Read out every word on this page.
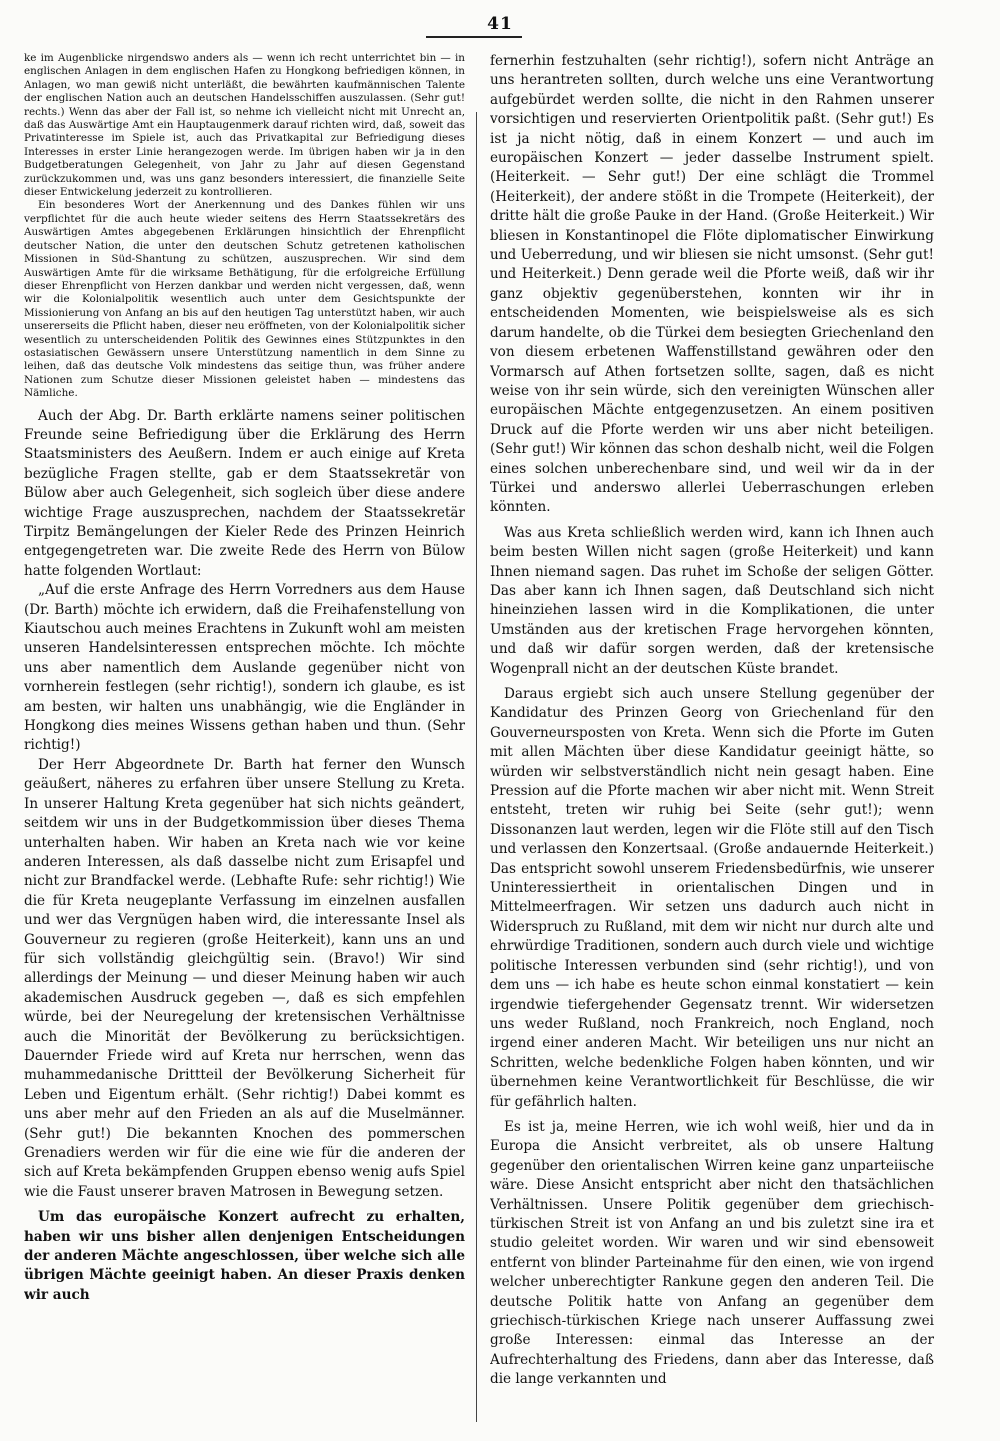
41

ke im Augenblicke nirgendswo anders als — wenn ich recht unterrichtet bin — in englischen Anlagen in dem englischen Hafen zu Hongkong befriedigen können, in Anlagen, wo man gewiß nicht unterläßt, die bewährten kaufmännischen Talente der englischen Nation auch an deutschen Handelsschiffen auszulassen. (Sehr gut! rechts.) Wenn das aber der Fall ist, so nehme ich vielleicht nicht mit Unrecht an, daß das Auswärtige Amt ein Hauptaugenmerk darauf richten wird, daß, soweit das Privatinteresse im Spiele ist, auch das Privatkapital zur Befriedigung dieses Interesses in erster Linie herangezogen werde. Im übrigen haben wir ja in den Budgetberatungen Gelegenheit, von Jahr zu Jahr auf diesen Gegenstand zurückzukommen und, was uns ganz besonders interessiert, die finanzielle Seite dieser Entwickelung jederzeit zu kontrollieren.

Ein besonderes Wort der Anerkennung und des Dankes fühlen wir uns verpflichtet für die auch heute wieder seitens des Herrn Staatssekretärs des Auswärtigen Amtes abgegebenen Erklärungen hinsichtlich der Ehrenpflicht deutscher Nation, die unter den deutschen Schutz getretenen katholischen Missionen in Süd-Shantung zu schützen, auszusprechen. Wir sind dem Auswärtigen Amte für die wirksame Bethätigung, für die erfolgreiche Erfüllung dieser Ehrenpflicht von Herzen dankbar und werden nicht vergessen, daß, wenn wir die Kolonialpolitik wesentlich auch unter dem Gesichtspunkte der Missionierung von Anfang an bis auf den heutigen Tag unterstützt haben, wir auch unsererseits die Pflicht haben, dieser neu eröffneten, von der Kolonialpolitik sicher wesentlich zu unterscheidenden Politik des Gewinnes eines Stützpunktes in den ostasiatischen Gewässern unsere Unterstützung namentlich in dem Sinne zu leihen, daß das deutsche Volk mindestens das seitige thun, was früher andere Nationen zum Schutze dieser Missionen geleistet haben — mindestens das Nämliche.

Auch der Abg. Dr. Barth erklärte namens seiner politischen Freunde seine Befriedigung über die Erklärung des Herrn Staatsministers des Aeußern. Indem er auch einige auf Kreta bezügliche Fragen stellte, gab er dem Staatssekretär von Bülow aber auch Gelegenheit, sich sogleich über diese andere wichtige Frage auszusprechen, nachdem der Staatssekretär Tirpitz Bemängelungen der Kieler Rede des Prinzen Heinrich entgegengetreten war. Die zweite Rede des Herrn von Bülow hatte folgenden Wortlaut:

„Auf die erste Anfrage des Herrn Vorredners aus dem Hause (Dr. Barth) möchte ich erwidern, daß die Freihafenstellung von Kiautschou auch meines Erachtens in Zukunft wohl am meisten unseren Handelsinteressen entsprechen möchte. Ich möchte uns aber namentlich dem Auslande gegenüber nicht von vornherein festlegen (sehr richtig!), sondern ich glaube, es ist am besten, wir halten uns unabhängig, wie die Engländer in Hongkong dies meines Wissens gethan haben und thun. (Sehr richtig!)

Der Herr Abgeordnete Dr. Barth hat ferner den Wunsch geäußert, näheres zu erfahren über unsere Stellung zu Kreta. In unserer Haltung Kreta gegenüber hat sich nichts geändert, seitdem wir uns in der Budgetkommission über dieses Thema unterhalten haben. Wir haben an Kreta nach wie vor keine anderen Interessen, als daß dasselbe nicht zum Erisapfel und nicht zur Brandfackel werde. (Lebhafte Rufe: sehr richtig!) Wie die für Kreta neugeplante Verfassung im einzelnen ausfallen und wer das Vergnügen haben wird, die interessante Insel als Gouverneur zu regieren (große Heiterkeit), kann uns an und für sich vollständig gleichgültig sein. (Bravo!) Wir sind allerdings der Meinung — und dieser Meinung haben wir auch akademischen Ausdruck gegeben —, daß es sich empfehlen würde, bei der Neuregelung der kretensischen Verhältnisse auch die Minorität der Bevölkerung zu berücksichtigen. Dauernder Friede wird auf Kreta nur herrschen, wenn das muhammedanische Drittteil der Bevölkerung Sicherheit für Leben und Eigentum erhält. (Sehr richtig!) Dabei kommt es uns aber mehr auf den Frieden an als auf die Muselmänner. (Sehr gut!) Die bekannten Knochen des pommerschen Grenadiers werden wir für die eine wie für die anderen der sich auf Kreta bekämpfenden Gruppen ebenso wenig aufs Spiel wie die Faust unserer braven Matrosen in Bewegung setzen.

Um das europäische Konzert aufrecht zu erhalten, haben wir uns bisher allen denjenigen Entscheidungen der anderen Mächte angeschlossen, über welche sich alle übrigen Mächte geeinigt haben. An dieser Praxis denken wir auch

fernerhin festzuhalten (sehr richtig!), sofern nicht Anträge an uns herantreten sollten, durch welche uns eine Verantwortung aufgebürdet werden sollte, die nicht in den Rahmen unserer vorsichtigen und reservierten Orientpolitik paßt. (Sehr gut!) Es ist ja nicht nötig, daß in einem Konzert — und auch im europäischen Konzert — jeder dasselbe Instrument spielt. (Heiterkeit. — Sehr gut!) Der eine schlägt die Trommel (Heiterkeit), der andere stößt in die Trompete (Heiterkeit), der dritte hält die große Pauke in der Hand. (Große Heiterkeit.) Wir bliesen in Konstantinopel die Flöte diplomatischer Einwirkung und Ueberredung, und wir bliesen sie nicht umsonst. (Sehr gut! und Heiterkeit.) Denn gerade weil die Pforte weiß, daß wir ihr ganz objektiv gegenüberstehen, konnten wir ihr in entscheidenden Momenten, wie beispielsweise als es sich darum handelte, ob die Türkei dem besiegten Griechenland den von diesem erbetenen Waffenstillstand gewähren oder den Vormarsch auf Athen fortsetzen sollte, sagen, daß es nicht weise von ihr sein würde, sich den vereinigten Wünschen aller europäischen Mächte entgegenzusetzen. An einem positiven Druck auf die Pforte werden wir uns aber nicht beteiligen. (Sehr gut!) Wir können das schon deshalb nicht, weil die Folgen eines solchen unberechenbare sind, und weil wir da in der Türkei und anderswo allerlei Ueberraschungen erleben könnten.

Was aus Kreta schließlich werden wird, kann ich Ihnen auch beim besten Willen nicht sagen (große Heiterkeit) und kann Ihnen niemand sagen. Das ruhet im Schoße der seligen Götter. Das aber kann ich Ihnen sagen, daß Deutschland sich nicht hineinziehen lassen wird in die Komplikationen, die unter Umständen aus der kretischen Frage hervorgehen könnten, und daß wir dafür sorgen werden, daß der kretensische Wogenprall nicht an der deutschen Küste brandet.

Daraus ergiebt sich auch unsere Stellung gegenüber der Kandidatur des Prinzen Georg von Griechenland für den Gouverneursposten von Kreta. Wenn sich die Pforte im Guten mit allen Mächten über diese Kandidatur geeinigt hätte, so würden wir selbstverständlich nicht nein gesagt haben. Eine Pression auf die Pforte machen wir aber nicht mit. Wenn Streit entsteht, treten wir ruhig bei Seite (sehr gut!); wenn Dissonanzen laut werden, legen wir die Flöte still auf den Tisch und verlassen den Konzertsaal. (Große andauernde Heiterkeit.) Das entspricht sowohl unserem Friedensbedürfnis, wie unserer Uninteressiertheit in orientalischen Dingen und in Mittelmeerfragen. Wir setzen uns dadurch auch nicht in Widerspruch zu Rußland, mit dem wir nicht nur durch alte und ehrwürdige Traditionen, sondern auch durch viele und wichtige politische Interessen verbunden sind (sehr richtig!), und von dem uns — ich habe es heute schon einmal konstatiert — kein irgendwie tiefergehender Gegensatz trennt. Wir widersetzen uns weder Rußland, noch Frankreich, noch England, noch irgend einer anderen Macht. Wir beteiligen uns nur nicht an Schritten, welche bedenkliche Folgen haben könnten, und wir übernehmen keine Verantwortlichkeit für Beschlüsse, die wir für gefährlich halten.

Es ist ja, meine Herren, wie ich wohl weiß, hier und da in Europa die Ansicht verbreitet, als ob unsere Haltung gegenüber den orientalischen Wirren keine ganz unparteiische wäre. Diese Ansicht entspricht aber nicht den thatsächlichen Verhältnissen. Unsere Politik gegenüber dem griechisch-türkischen Streit ist von Anfang an und bis zuletzt sine ira et studio geleitet worden. Wir waren und wir sind ebensoweit entfernt von blinder Parteinahme für den einen, wie von irgend welcher unberechtigter Rankune gegen den anderen Teil. Die deutsche Politik hatte von Anfang an gegenüber dem griechisch-türkischen Kriege nach unserer Auffassung zwei große Interessen: einmal das Interesse an der Aufrechterhaltung des Friedens, dann aber das Interesse, daß die lange verkannten und
